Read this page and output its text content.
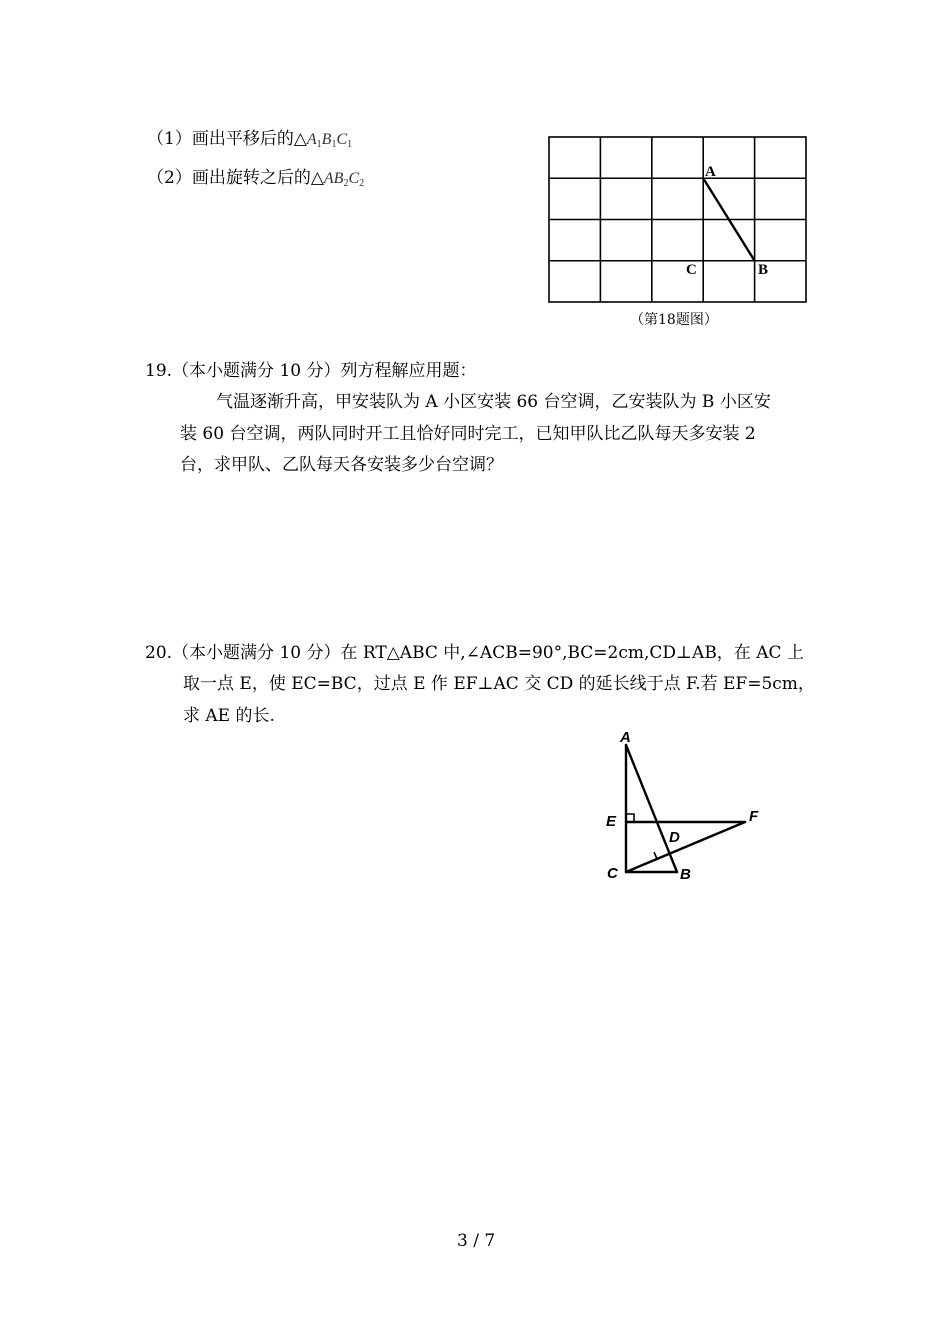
（1）画出平移后的$\triangle A_1B_1C_1$
（2）画出旋转之后的$\triangle AB_2C_2$
A
B
C
（第18题图）
19.（本小题满分 10 分）列方程解应用题：
气温逐渐升高，甲安装队为 A 小区安装 66 台空调，乙安装队为 B 小区安
装 60 台空调，两队同时开工且恰好同时完工，已知甲队比乙队每天多安装 2
台，求甲队、乙队每天各安装多少台空调？
20.（本小题满分 10 分）在 RT△ABC 中,∠ACB=90°,BC=2cm,CD⊥AB，在 AC 上
取一点 E，使 EC=BC，过点 E 作 EF⊥AC 交 CD 的延长线于点 F.若 EF=5cm，
求 AE 的长.
A
E
D
F
C	B
3 / 7
